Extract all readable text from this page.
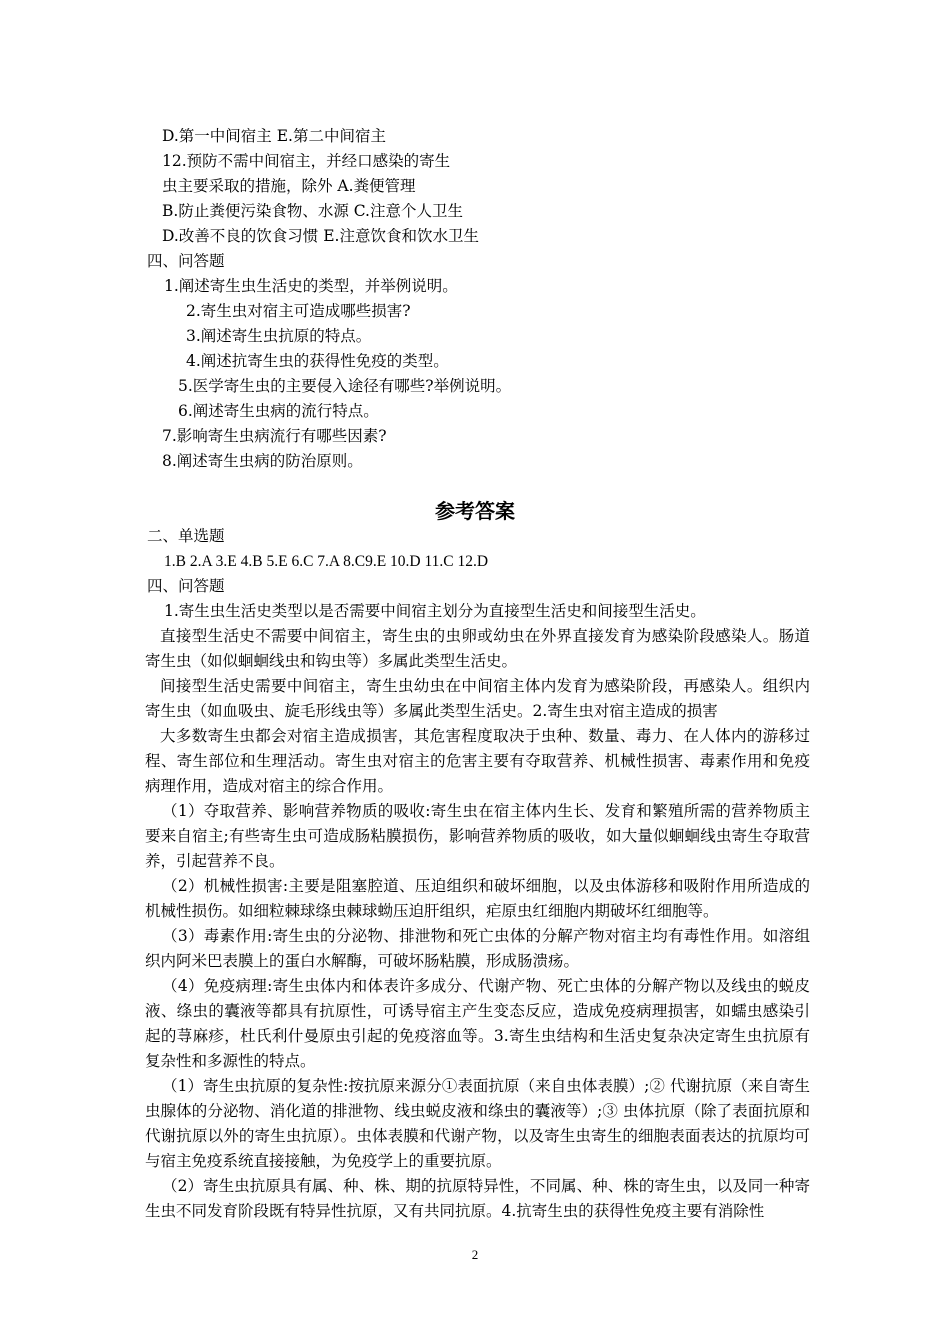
D.第一中间宿主 E.第二中间宿主
12.预防不需中间宿主，并经口感染的寄生
虫主要采取的措施，除外 A.粪便管理
B.防止粪便污染食物、水源 C.注意个人卫生
D.改善不良的饮食习惯 E.注意饮食和饮水卫生
四、问答题
1.阐述寄生虫生活史的类型，并举例说明。
2.寄生虫对宿主可造成哪些损害?
3.阐述寄生虫抗原的特点。
4.阐述抗寄生虫的获得性免疫的类型。
5.医学寄生虫的主要侵入途径有哪些?举例说明。
6.阐述寄生虫病的流行特点。
7.影响寄生虫病流行有哪些因素?
8.阐述寄生虫病的防治原则。
参考答案
二、单选题
1.B 2.A 3.E 4.B 5.E 6.C 7.A 8.C9.E 10.D 11.C 12.D
四、问答题
1.寄生虫生活史类型以是否需要中间宿主划分为直接型生活史和间接型生活史。
直接型生活史不需要中间宿主，寄生虫的虫卵或幼虫在外界直接发育为感染阶段感染人。肠道寄生虫（如似蛔蛔线虫和钩虫等）多属此类型生活史。
间接型生活史需要中间宿主，寄生虫幼虫在中间宿主体内发育为感染阶段，再感染人。组织内寄生虫（如血吸虫、旋毛形线虫等）多属此类型生活史。2.寄生虫对宿主造成的损害
大多数寄生虫都会对宿主造成损害，其危害程度取决于虫种、数量、毒力、在人体内的游移过程、寄生部位和生理活动。寄生虫对宿主的危害主要有夺取营养、机械性损害、毒素作用和免疫病理作用，造成对宿主的综合作用。
（1）夺取营养、影响营养物质的吸收:寄生虫在宿主体内生长、发育和繁殖所需的营养物质主要来自宿主;有些寄生虫可造成肠粘膜损伤，影响营养物质的吸收，如大量似蛔蛔线虫寄生夺取营养，引起营养不良。
（2）机械性损害:主要是阻塞腔道、压迫组织和破坏细胞，以及虫体游移和吸附作用所造成的机械性损伤。如细粒棘球绦虫棘球蚴压迫肝组织，疟原虫红细胞内期破坏红细胞等。
（3）毒素作用:寄生虫的分泌物、排泄物和死亡虫体的分解产物对宿主均有毒性作用。如溶组织内阿米巴表膜上的蛋白水解酶，可破坏肠粘膜，形成肠溃疡。
（4）免疫病理:寄生虫体内和体表许多成分、代谢产物、死亡虫体的分解产物以及线虫的蜕皮液、绦虫的囊液等都具有抗原性，可诱导宿主产生变态反应，造成免疫病理损害，如蠕虫感染引起的荨麻疹，杜氏利什曼原虫引起的免疫溶血等。3.寄生虫结构和生活史复杂决定寄生虫抗原有复杂性和多源性的特点。
（1）寄生虫抗原的复杂性:按抗原来源分①表面抗原（来自虫体表膜）;② 代谢抗原（来自寄生虫腺体的分泌物、消化道的排泄物、线虫蜕皮液和绦虫的囊液等）;③ 虫体抗原（除了表面抗原和代谢抗原以外的寄生虫抗原）。虫体表膜和代谢产物，以及寄生虫寄生的细胞表面表达的抗原均可与宿主免疫系统直接接触，为免疫学上的重要抗原。
（2）寄生虫抗原具有属、种、株、期的抗原特异性，不同属、种、株的寄生虫，以及同一种寄生虫不同发育阶段既有特异性抗原，又有共同抗原。4.抗寄生虫的获得性免疫主要有消除性
2
